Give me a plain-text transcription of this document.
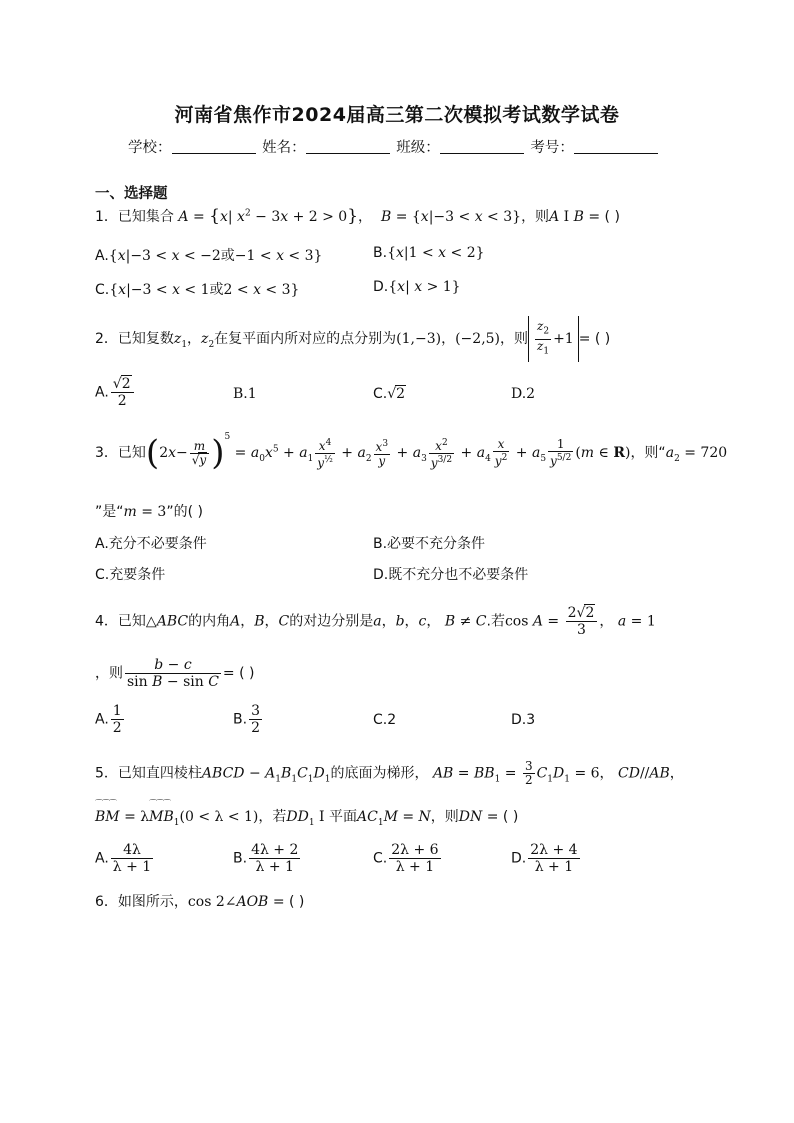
河南省焦作市2024届高三第二次模拟考试数学试卷
学校：	姓名：	班级：	考号：
一、选择题
1．已知集合 A = {x| $x^2 - 3x + 2 > 0$}， B = {x|−3 < x < 3}，则A I B = ( )
A.{x|−3 < x < −2或−1 < x < 3}	B.{x|1 < x < 2}
C.{x|−3 < x < 1或2 < x < 3}	D.{x| x > 1}
2．已知复数$z_1$，$z_2$在复平面内所对应的点分别为(1,−3)，(−2,5)，则 $\frac{z_2}{z_1} +1$ = ( )
A. $\frac{√2}{2}$	B.1	C.√2	D.2
3．已知$(2x- \frac{m}{√y} )^5 = a_0x^5 + a_1 \frac{x^4}{y^{\frac{1}{2}}} + a_2 \frac{x^3}{y} + a_3 \frac{x^2}{y^{3/2}} + a_4 \frac{x}{y^2} + a_5 \frac{1}{y^{5/2}} (m$ ∈ R)，则“$a_2 = 720$
”是“m = 3”的( )
A.充分不必要条件	B.必要不充分条件
C.充要条件	D.既不充分也不必要条件
4．已知△ABC的内角A，B，C的对边分别是a，b，c， B ≠ C.若$\cos A = \frac{2√2}{3}$ ， a = 1
，则 $\frac{b - c}{\text{sin B − sin C}}$ = ( )
A. $\frac{1}{2}$	B. $\frac{3}{2}$	C.2	D.3
5．已知直四棱柱ABCD − $A_1B_1C_1D_1$的底面为梯形， AB = $BB_1 = \frac{3}{2} C_1D_1 = 6$， CD//AB，
⌒⌒⌒ BM = λ⌒⌒⌒ $MB_1(0 < \lambda < 1)$，若$DD_1$ I 平面$AC_1M = N$，则DN = ( )
A. $\frac{4\lambda}{\lambda + 1}$	B. $\frac{4\lambda + 2}{\lambda + 1}$	C. $\frac{2\lambda + 6}{\lambda + 1}$	D. $\frac{2\lambda + 4}{\lambda + 1}$
6．如图所示，cos 2∠AOB = ( )
